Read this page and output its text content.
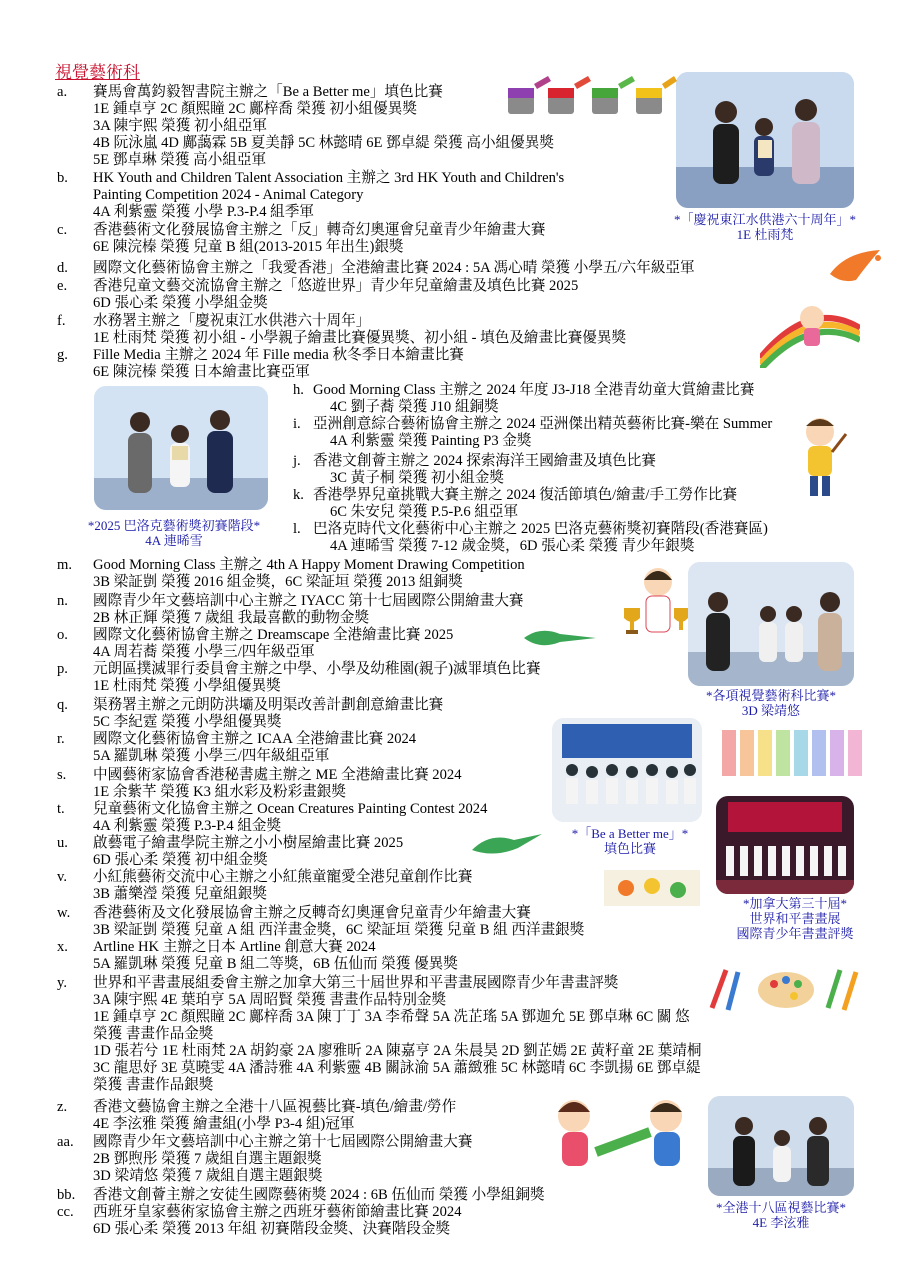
視覺藝術科
a. 賽馬會萬鈞毅智書院主辦之「Be a Better me」填色比賽
1E 鍾卓亨 2C 顏熙瞳 2C 鄺梓喬 榮獲 初小組優異獎
3A 陳宇熙 榮獲 初小組亞軍
4B 阮泳嵐 4D 鄺藹霖 5B 夏美靜 5C 林懿晴 6E 鄧卓緹 榮獲 高小組優異獎
5E 鄧卓琳 榮獲 高小組亞軍
b. HK Youth and Children Talent Association 主辦之 3rd HK Youth and Children's
Painting Competition 2024 - Animal Category
4A 利紫靈 榮獲 小學 P.3-P.4 組季軍
c. 香港藝術文化發展協會主辦之「反」轉奇幻奧運會兒童青少年繪畫大賽
6E 陳浣榛 榮獲 兒童 B 組(2013-2015 年出生)銀獎
d. 國際文化藝術協會主辦之「我愛香港」全港繪畫比賽 2024 : 5A 馮心晴 榮獲 小學五/六年級亞軍
e. 香港兒童文藝交流協會主辦之「悠遊世界」青少年兒童繪畫及填色比賽 2025
6D 張心柔 榮獲 小學組金獎
f. 水務署主辦之「慶祝東江水供港六十周年」
1E 杜雨梵 榮獲 初小組 - 小學親子繪畫比賽優異獎、初小組 - 填色及繪畫比賽優異獎
g. Fille Media 主辦之 2024 年 Fille media 秋冬季日本繪畫比賽
6E 陳浣榛 榮獲 日本繪畫比賽亞軍
h. Good Morning Class 主辦之 2024 年度 J3-J18 全港青幼童大賞繪畫比賽
4C 劉子蕎 榮獲 J10 組銅獎
i. 亞洲創意綜合藝術協會主辦之 2024 亞洲傑出精英藝術比賽-樂在 Summer
4A 利紫靈 榮獲 Painting P3 金獎
j. 香港文創薈主辦之 2024 探索海洋王國繪畫及填色比賽
3C 黃子桐 榮獲 初小組金獎
k. 香港學界兒童挑戰大賽主辦之 2024 復活節填色/繪畫/手工勞作比賽
6C 朱安兒 榮獲 P.5-P.6 組亞軍
l. 巴洛克時代文化藝術中心主辦之 2025 巴洛克藝術獎初賽階段(香港賽區)
4A 連晞雪 榮獲 7-12 歲金獎，6D 張心柔 榮獲 青少年銀獎
m. Good Morning Class 主辦之 4th A Happy Moment Drawing Competition
3B 梁証剴 榮獲 2016 組金獎，6C 梁証垣 榮獲 2013 組銅獎
n. 國際青少年文藝培訓中心主辦之 IYACC 第十七屆國際公開繪畫大賽
2B 林正輝 榮獲 7 歲組 我最喜歡的動物金獎
o. 國際文化藝術協會主辦之 Dreamscape 全港繪畫比賽 2025
4A 周若蕎 榮獲 小學三/四年級亞軍
p. 元朗區撲滅罪行委員會主辦之中學、小學及幼稚園(親子)滅罪填色比賽
1E 杜雨梵 榮獲 小學組優異獎
q. 渠務署主辦之元朗防洪壩及明渠改善計劃創意繪畫比賽
5C 李紀霆 榮獲 小學組優異獎
r. 國際文化藝術協會主辦之 ICAA 全港繪畫比賽 2024
5A 羅凱琳 榮獲 小學三/四年級組亞軍
s. 中國藝術家協會香港秘書處主辦之 ME 全港繪畫比賽 2024
1E 余紫芊 榮獲 K3 組水彩及粉彩畫銀獎
t. 兒童藝術文化協會主辦之 Ocean Creatures Painting Contest 2024
4A 利紫靈 榮獲 P.3-P.4 組金獎
u. 啟藝電子繪畫學院主辦之小小樹屋繪畫比賽 2025
6D 張心柔 榮獲 初中組金獎
v. 小紅熊藝術交流中心主辦之小紅熊童寵愛全港兒童創作比賽
3B 蕭樂瀅 榮獲 兒童組銀獎
w. 香港藝術及文化發展協會主辦之反轉奇幻奧運會兒童青少年繪畫大賽
3B 梁証剴 榮獲 兒童 A 組 西洋畫金獎，6C 梁証垣 榮獲 兒童 B 組 西洋畫銀獎
x. Artline HK 主辦之日本 Artline 創意大賽 2024
5A 羅凱琳 榮獲 兒童 B 組二等獎，6B 伍仙而 榮獲 優異獎
y. 世界和平書畫展組委會主辦之加拿大第三十屆世界和平書畫展國際青少年書畫評獎
3A 陳宇熙 4E 葉珀亨 5A 周昭賢 榮獲 書畫作品特別金獎
1E 鍾卓亨 2C 顏熙瞳 2C 鄺梓喬 3A 陳丁丁 3A 李希聲 5A 冼芷瑤 5A 鄧迦允 5E 鄧卓琳 6C 關 悠
榮獲 書畫作品金獎
1D 張若兮 1E 杜雨梵 2A 胡鈞豪 2A 廖雅昕 2A 陳嘉亨 2A 朱晨昊 2D 劉芷嫣 2E 黃籽童 2E 葉靖桐
3C 龍思妤 3E 莫曉雯 4A 潘詩雅 4A 利紫靈 4B 關詠渝 5A 蕭緻雅 5C 林懿晴 6C 李凱揚 6E 鄧卓緹
榮獲 書畫作品銀獎
z. 香港文藝協會主辦之全港十八區視藝比賽-填色/繪畫/勞作
4E 李泫雅 榮獲 繪畫組(小學 P3-4 組)冠軍
aa. 國際青少年文藝培訓中心主辦之第十七屆國際公開繪畫大賽
2B 鄧煦彤 榮獲 7 歲組自選主題銀獎
3D 梁靖悠 榮獲 7 歲組自選主題銀獎
bb. 香港文創薈主辦之安徒生國際藝術獎 2024 : 6B 伍仙而 榮獲 小學組銅獎
cc. 西班牙皇家藝術家協會主辦之西班牙藝術節繪畫比賽 2024
6D 張心柔 榮獲 2013 年組 初賽階段金獎、決賽階段金獎
*「慶祝東江水供港六十周年」*
1E 杜雨梵
*2025 巴洛克藝術獎初賽階段*
4A 連晞雪
*各項視覺藝術科比賽*
3D 梁靖悠
*「Be a Better me」*
填色比賽
*加拿大第三十屆*
世界和平書畫展
國際青少年書畫評獎
*全港十八區視藝比賽*
4E 李泫雅
